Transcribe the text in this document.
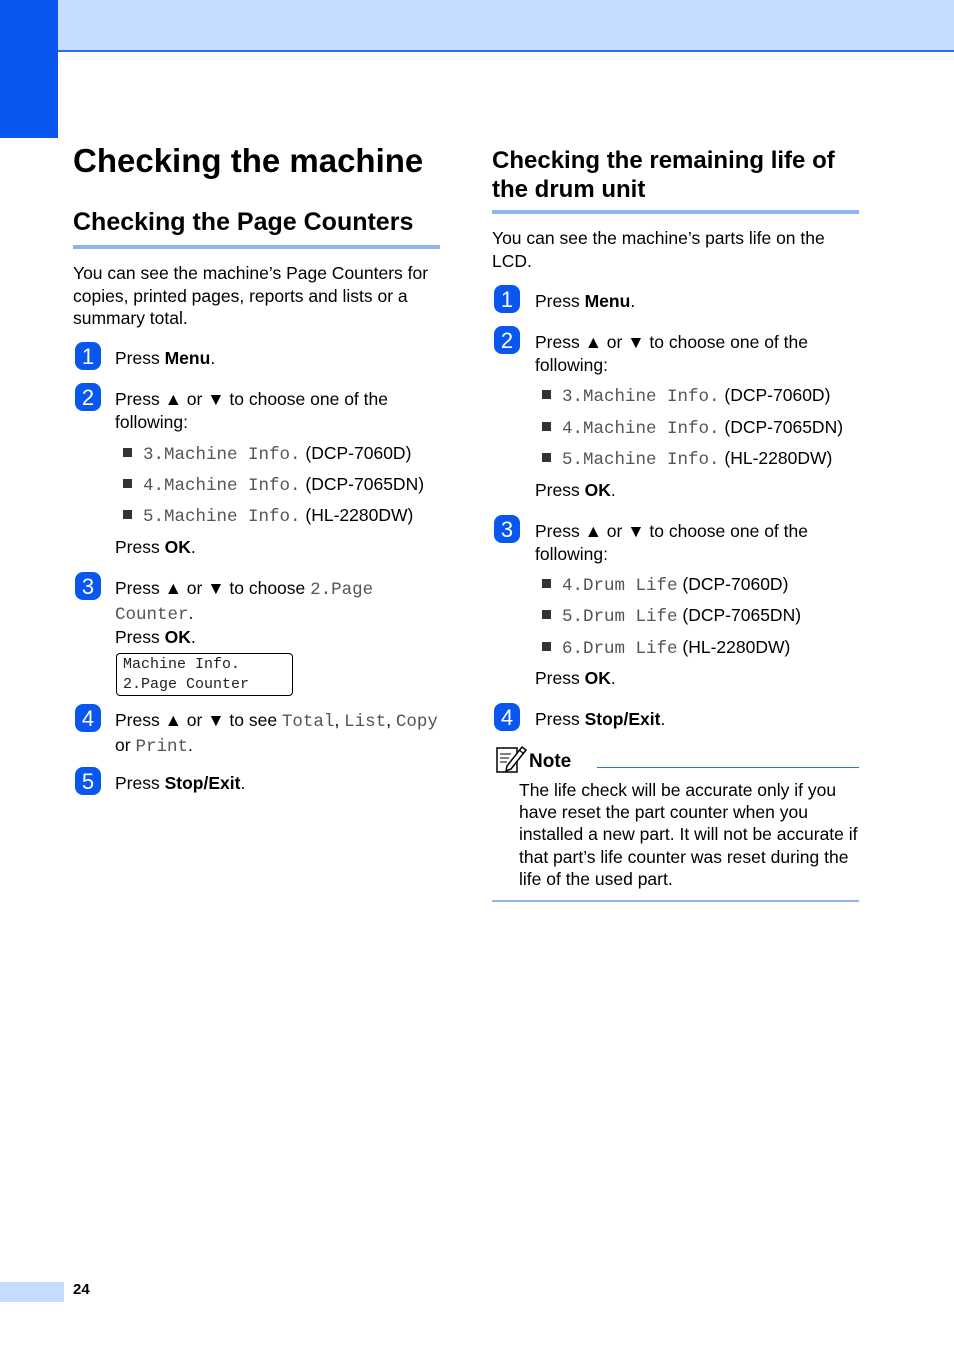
Checking the machine
Checking the Page Counters

You can see the machine’s Page Counters for copies, printed pages, reports and lists or a summary total.

1 Press Menu.
2 Press ▲ or ▼ to choose one of the following:

3.Machine Info. (DCP-7060D)
4.Machine Info. (DCP-7065DN)
5.Machine Info. (HL-2280DW)
Press OK.
3 Press ▲ or ▼ to choose 2.Page Counter.
Press OK.
Machine Info.
2.Page Counter
4 Press ▲ or ▼ to see Total, List, Copy
or Print.
5 Press Stop/Exit.
Checking the remaining life of the drum unit

You can see the machine’s parts life on the LCD.

1 Press Menu.
2 Press ▲ or ▼ to choose one of the following:

3.Machine Info. (DCP-7060D)
4.Machine Info. (DCP-7065DN)
5.Machine Info. (HL-2280DW)
Press OK.
3 Press ▲ or ▼ to choose one of the following:

4.Drum Life (DCP-7060D)
5.Drum Life (DCP-7065DN)
6.Drum Life (HL-2280DW)
Press OK.
4 Press Stop/Exit.
Note

The life check will be accurate only if you have reset the part counter when you installed a new part. It will not be accurate if that part’s life counter was reset during the life of the used part.

24
